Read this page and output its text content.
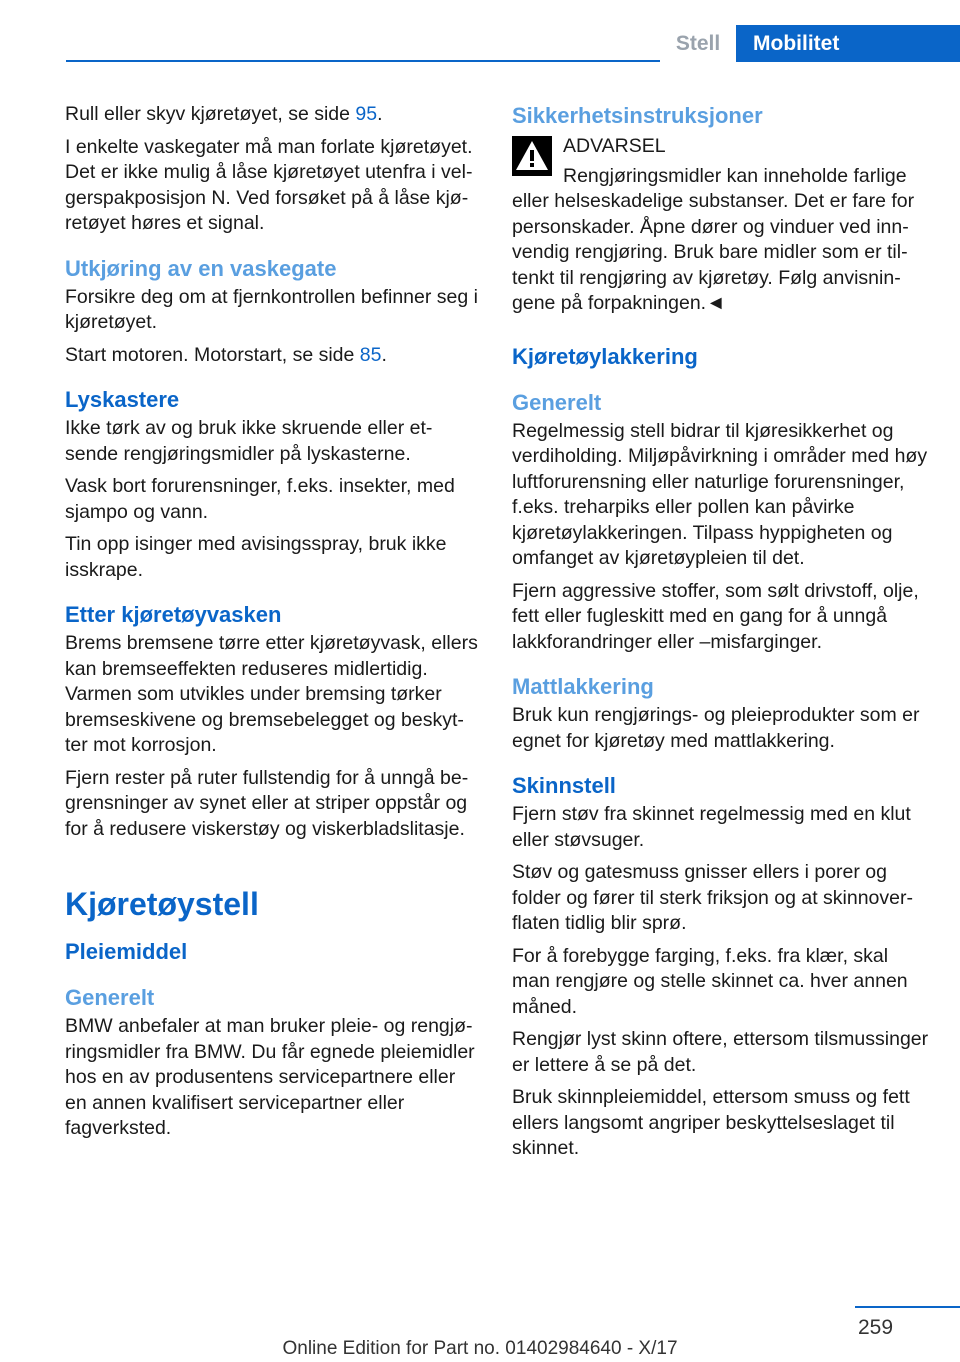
Stell	Mobilitet

Rull eller skyv kjøretøyet, se side 95.

I enkelte vaskegater må man forlate kjøretøyet. Det er ikke mulig å låse kjøretøyet utenfra i velgerspakposisjon N. Ved forsøket på å låse kjøretøyet høres et signal.

Utkjøring av en vaskegate

Forsikre deg om at fjernkontrollen befinner seg i kjøretøyet.

Start motoren. Motorstart, se side 85.

Lyskastere

Ikke tørk av og bruk ikke skruende eller etsende rengjøringsmidler på lyskasterne.

Vask bort forurensninger, f.eks. insekter, med sjampo og vann.

Tin opp isinger med avisingsspray, bruk ikke isskrape.

Etter kjøretøyvasken

Brems bremsene tørre etter kjøretøyvask, ellers kan bremseeffekten reduseres midlertidig. Varmen som utvikles under bremsing tørker bremseskivene og bremsebelegget og beskytter mot korrosjon.

Fjern rester på ruter fullstendig for å unngå begrensninger av synet eller at striper oppstår og for å redusere viskerstøy og viskerbladslitasje.

Kjøretøystell
Pleiemiddel
Generelt

BMW anbefaler at man bruker pleie- og rengjøringsmidler fra BMW. Du får egnede pleiemidler hos en av produsentens servicepartnere eller en annen kvalifisert servicepartner eller fagverksted.

Sikkerhetsinstruksjoner

ADVARSEL

Rengjøringsmidler kan inneholde farlige eller helseskadelige substanser. Det er fare for personskader. Åpne dører og vinduer ved innvendig rengjøring. Bruk bare midler som er tiltenkt til rengjøring av kjøretøy. Følg anvisningene på forpakningen.◄

Kjøretøylakkering
Generelt

Regelmessig stell bidrar til kjøresikkerhet og verdiholding. Miljøpåvirkning i områder med høy luftforurensning eller naturlige forurensninger, f.eks. treharpiks eller pollen kan påvirke kjøretøylakkeringen. Tilpass hyppigheten og omfanget av kjøretøypleien til det.

Fjern aggressive stoffer, som sølt drivstoff, olje, fett eller fugleskitt med en gang for å unngå lakkforandringer eller –misfarginger.

Mattlakkering

Bruk kun rengjørings- og pleieprodukter som er egnet for kjøretøy med mattlakkering.

Skinnstell

Fjern støv fra skinnet regelmessig med en klut eller støvsuger.

Støv og gatesmuss gnisser ellers i porer og folder og fører til sterk friksjon og at skinnoverflaten tidlig blir sprø.

For å forebygge farging, f.eks. fra klær, skal man rengjøre og stelle skinnet ca. hver annen måned.

Rengjør lyst skinn oftere, ettersom tilsmussinger er lettere å se på det.

Bruk skinnpleiemiddel, ettersom smuss og fett ellers langsomt angriper beskyttelseslaget til skinnet.

259
Online Edition for Part no. 01402984640 - X/17
